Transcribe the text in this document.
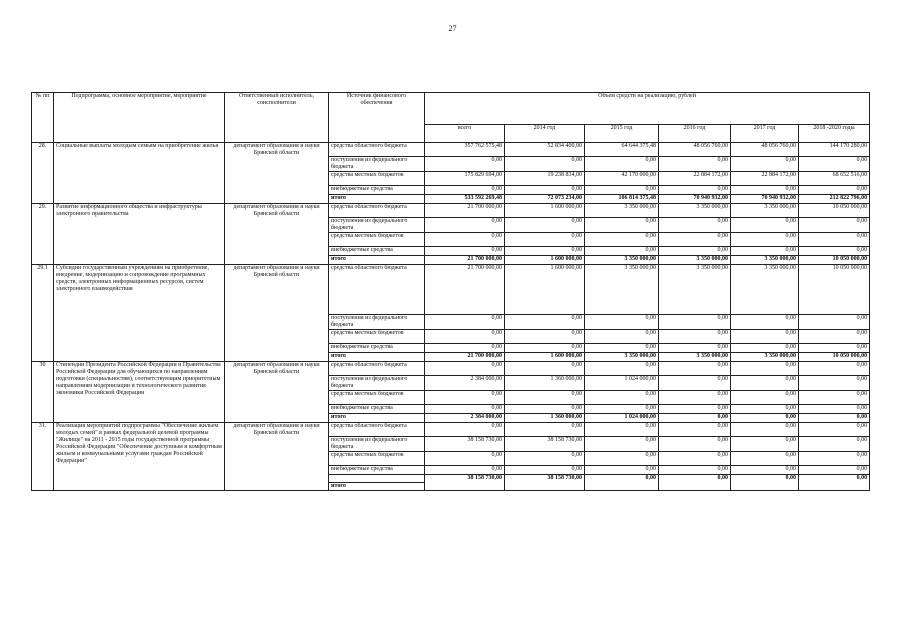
27
№ пп	Подпрограмма, основное мероприятие, мероприятие	Ответственный исполнитель, соисполнители	Источник финансового обеспечения	Объем средств на реализацию, рублей					
				всего	2014 год	2015 год	2016 год	2017 год	2018 -2020 годы
28.	Социальные выплаты молодым семьям на приобретение жилья	департамент образования и науки Брянской области	средства областного бюджета	357 762 575,48	52 834 400,00	64 644 375,48	48 056 760,00	48 056 760,00	144 170 280,00
			поступления из федерального бюджета	0,00	0,00	0,00	0,00	0,00	0,00
			средства местных бюджетов	175 829 694,00	19 238 834,00	42 170 000,00	22 884 172,00	22 884 172,00	68 652 516,00
			внебюджетные средства	0,00	0,00	0,00	0,00	0,00	0,00
			итого	533 592 269,48	72 073 234,00	106 814 375,48	70 940 932,00	70 940 932,00	212 822 796,00
29.	Развитие информационного общества и инфраструктуры электронного правительства	департамент образования и науки Брянской области	средства областного бюджета	21 700 000,00	1 600 000,00	3 350 000,00	3 350 000,00	3 350 000,00	10 050 000,00
			поступления из федерального бюджета	0,00	0,00	0,00	0,00	0,00	0,00
			средства местных бюджетов	0,00	0,00	0,00	0,00	0,00	0,00
			внебюджетные средства	0,00	0,00	0,00	0,00	0,00	0,00
			итого	21 700 000,00	1 600 000,00	3 350 000,00	3 350 000,00	3 350 000,00	10 050 000,00
29.1	Субсидии государственным учреждениям на приобретение, внедрение, модернизацию и сопровождение программных средств, электронных информационных ресурсов, систем электронного взаимодействия	департамент образования и науки Брянской области	средства областного бюджета	21 700 000,00	1 600 000,00	3 350 000,00	3 350 000,00	3 350 000,00	10 050 000,00
			поступления из федерального бюджета	0,00	0,00	0,00	0,00	0,00	0,00
			средства местных бюджетов	0,00	0,00	0,00	0,00	0,00	0,00
			внебюджетные средства	0,00	0,00	0,00	0,00	0,00	0,00
			итого	21 700 000,00	1 600 000,00	3 350 000,00	3 350 000,00	3 350 000,00	10 050 000,00
30	Стипендии Президента Российской Федерации и Правительства Российской Федерации для обучающихся по направлениям подготовки (специальностям), соответствующим приоритетным направлениям модернизации и технологического развития экономики Российской Федерации	департамент образования и науки Брянской области	средства областного бюджета	0,00	0,00	0,00	0,00	0,00	0,00
			поступления из федерального бюджета	2 384 000,00	1 360 000,00	1 024 000,00	0,00	0,00	0,00
			средства местных бюджетов	0,00	0,00	0,00	0,00	0,00	0,00
			внебюджетные средства	0,00	0,00	0,00	0,00	0,00	0,00
			итого	2 384 000,00	1 360 000,00	1 024 000,00	0,00	0,00	0,00
31.	Реализация мероприятий подпрограммы "Обеспечение жильем молодых семей" в рамках федеральной целевой программы "Жилище" на 2011 - 2015 годы государственной программы Российской Федерации "Обеспечение доступным и комфортным жильем и коммунальными услугами граждан Российской Федерации"	департамент образования и науки Брянской области	средства областного бюджета	0,00	0,00	0,00	0,00	0,00	0,00
			поступления из федерального бюджета	38 158 730,00	38 158 730,00	0,00	0,00	0,00	0,00
			средства местных бюджетов	0,00	0,00	0,00	0,00	0,00	0,00
			внебюджетные средства	0,00	0,00	0,00	0,00	0,00	0,00
				38 158 730,00	38 158 730,00	0,00	0,00	0,00	0,00
			итого						
